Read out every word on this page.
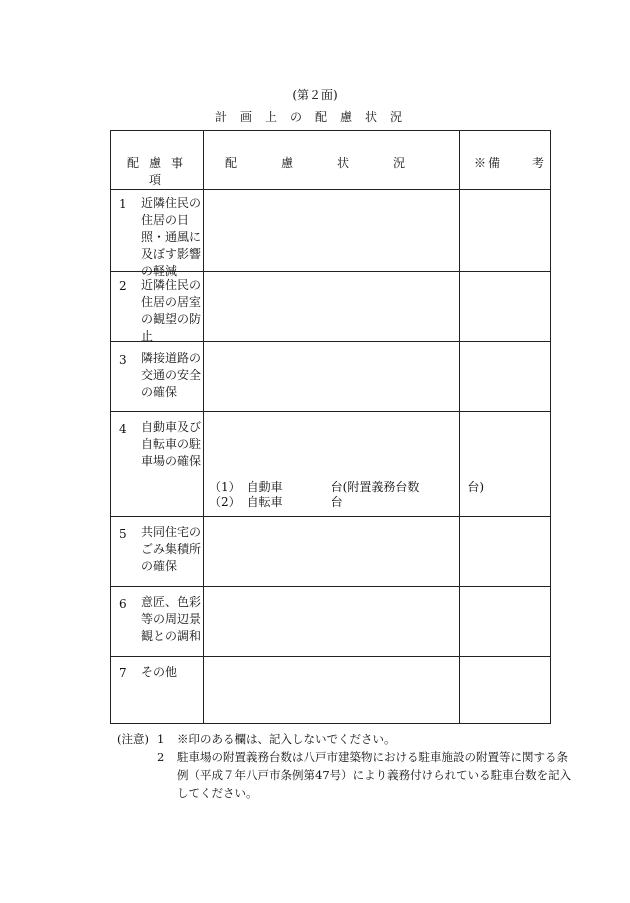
(第２面)
計画上の配慮状況
配慮事項
配慮状況	※備	考
1 近隣住民の住居の日照・通風に及ぼす影響の軽減
2 近隣住民の住居の居室の観望の防止
3 隣接道路の交通の安全の確保
4 自動車及び自転車の駐車場の確保
（1）　自動車　　　　台(附置義務台数　　　　台)
（2）　自転車　　　　台
5 共同住宅のごみ集積所の確保
6 意匠、色彩等の周辺景観との調和
7 その他
(注意) 1 ※印のある欄は、記入しないでください。
2 駐車場の附置義務台数は八戸市建築物における駐車施設の附置等に関する条例（平成７年八戸市条例第47号）により義務付けられている駐車台数を記入してください。
